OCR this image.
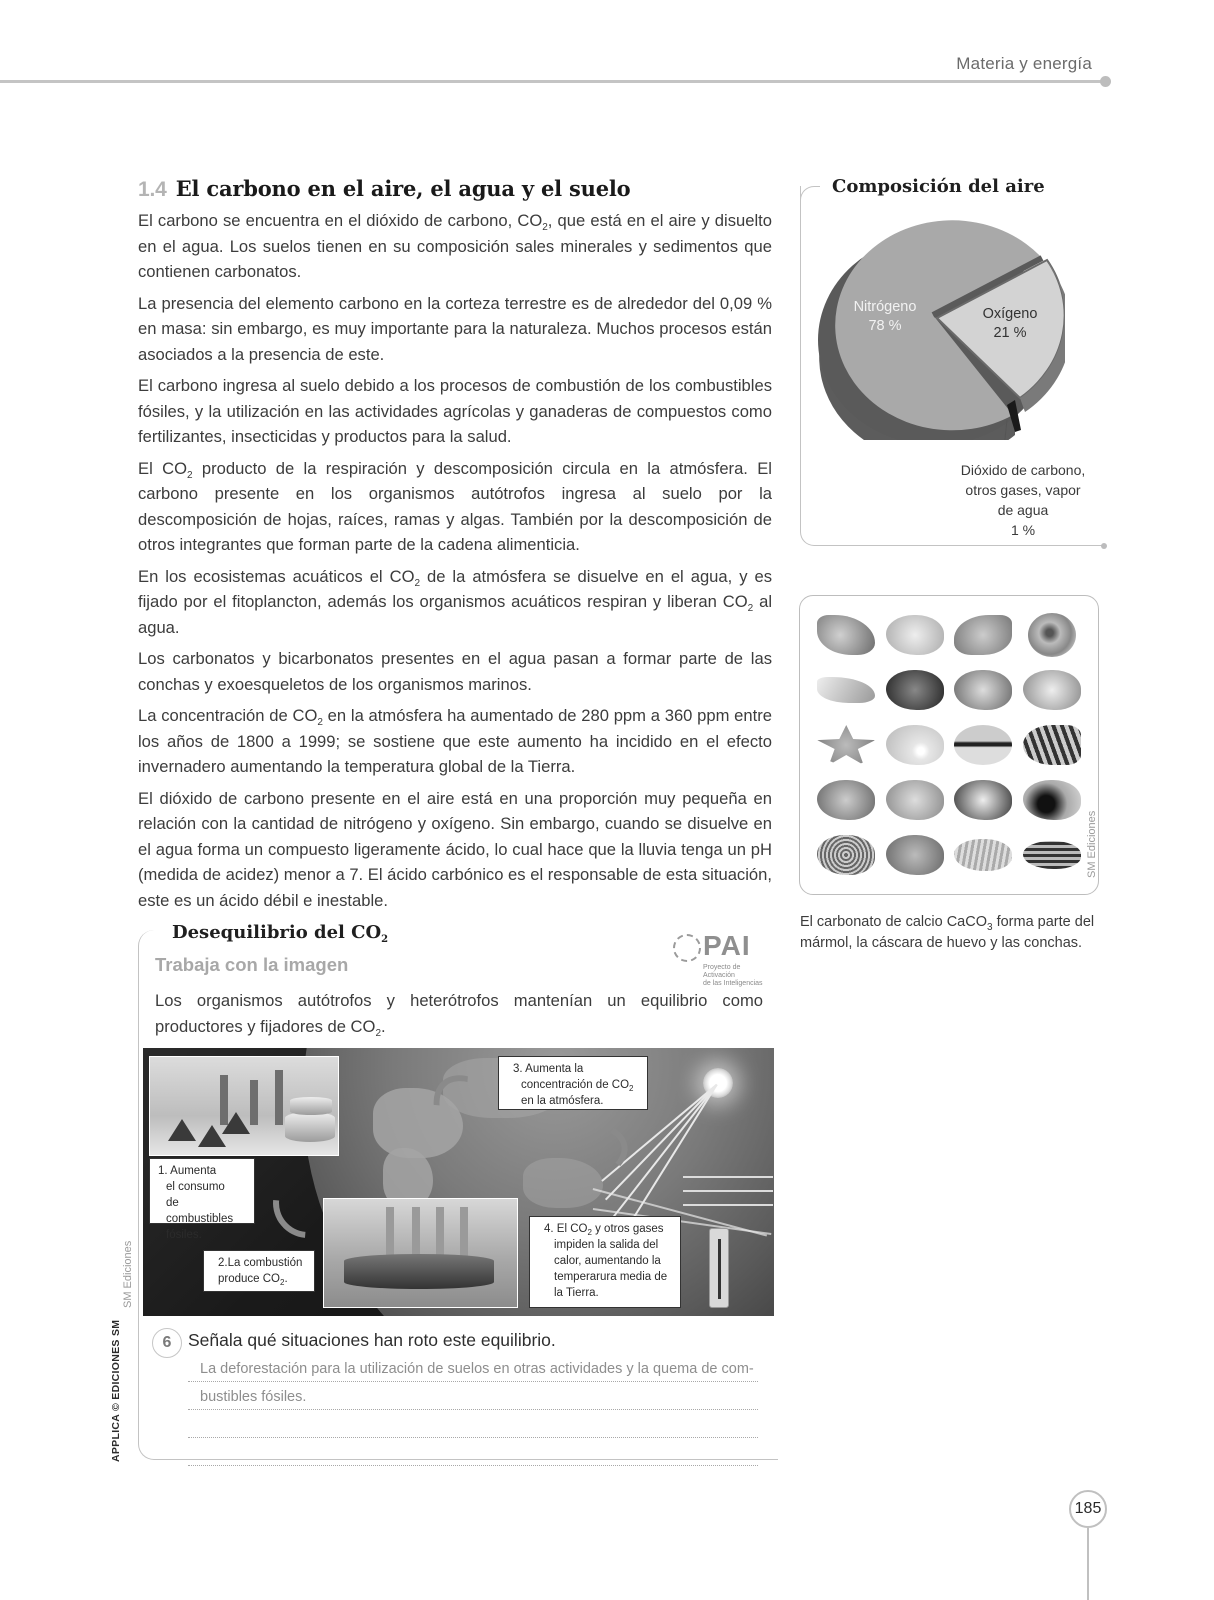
Materia y energía
1.4 El carbono en el aire, el agua y el suelo

El carbono se encuentra en el dióxido de carbono, $CO_2$, que está en el aire y disuelto en el agua. Los suelos tienen en su composición sales minerales y sedimentos que contienen carbonatos.

La presencia del elemento carbono en la corteza terrestre es de alrededor del 0,09 % en masa: sin embargo, es muy importante para la naturaleza. Muchos procesos están asociados a la presencia de este.

El carbono ingresa al suelo debido a los procesos de combustión de los combustibles fósiles, y la utilización en las actividades agrícolas y ganaderas de compuestos como fertilizantes, insecticidas y productos para la salud.

El $CO_2$ producto de la respiración y descomposición circula en la atmósfera. El carbono presente en los organismos autótrofos ingresa al suelo por la descomposición de hojas, raíces, ramas y algas. También por la descomposición de otros integrantes que forman parte de la cadena alimenticia.

En los ecosistemas acuáticos el $CO_2$ de la atmósfera se disuelve en el agua, y es fijado por el fitoplancton, además los organismos acuáticos respiran y liberan $CO_2$ al agua.

Los carbonatos y bicarbonatos presentes en el agua pasan a formar parte de las conchas y exoesqueletos de los organismos marinos.

La concentración de $CO_2$ en la atmósfera ha aumentado de 280 ppm a 360 ppm entre los años de 1800 a 1999; se sostiene que este aumento ha incidido en el efecto invernadero aumentando la temperatura global de la Tierra.

El dióxido de carbono presente en el aire está en una proporción muy pequeña en relación con la cantidad de nitrógeno y oxígeno. Sin embargo, cuando se disuelve en el agua forma un compuesto ligeramente ácido, lo cual hace que la lluvia tenga un pH (medida de acidez) menor a 7. El ácido carbónico es el responsable de esta situación, este es un ácido débil e inestable.

Composición del aire
Nitrógeno
78 %
Oxígeno
21 %
Dióxido de carbono,
otros gases, vapor
de agua
1 %
SM Ediciones
El carbonato de calcio CaCO$_3$ forma parte del mármol, la cáscara de huevo y las conchas.
Desequilibrio del $CO_2$
Trabaja con la imagen
PAI
Proyecto de Activación
de las Inteligencias
Los organismos autótrofos y heterótrofos mantenían un equilibrio como productores y fijadores de $CO_2$.
1. Aumenta
el consumo
de combustibles
fósiles.
2.La combustión produce $CO_2$.
3. Aumenta la
concentración de $CO_2$
en la atmósfera.
4. El $CO_2$ y otros gases
impiden la salida del
calor, aumentando la
temperarura media de
la Tierra.
SM Ediciones
6 Señala qué situaciones han roto este equilibrio.
La deforestación para la utilización de suelos en otras actividades y la quema de com-
bustibles fósiles.
APPLICA © EDICIONES SM
185
